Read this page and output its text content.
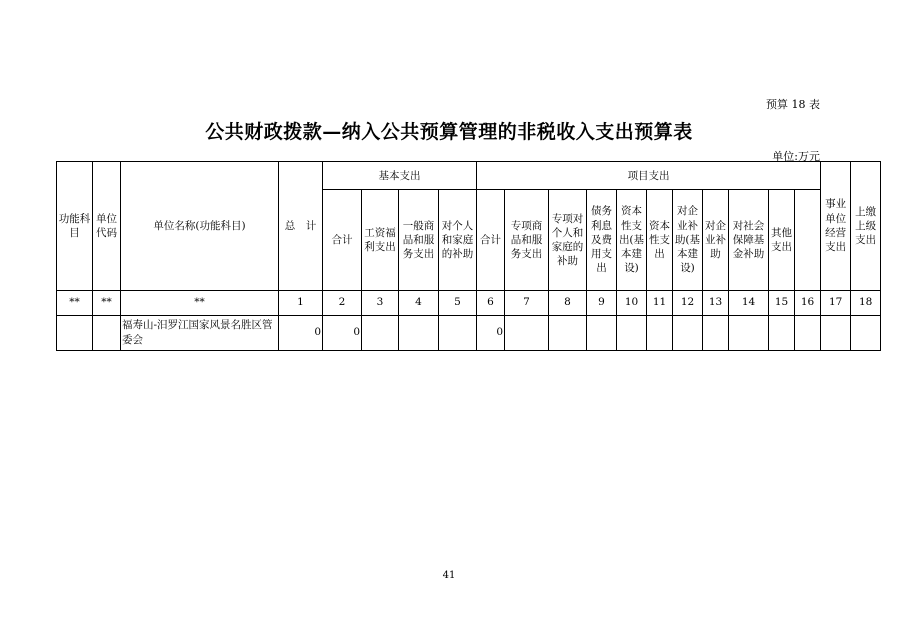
预算 18 表
公共财政拨款—纳入公共预算管理的非税收入支出预算表
单位:万元
功能科目	单位代码	单位名称(功能科目)	总　计	基本支出				项目支出											事业单位经营支出	上缴上级支出	
				合计	工资福利支出	一般商品和服务支出	对个人和家庭的补助	合计	专项商品和服务支出	专项对个人和家庭的补助	债务利息及费用支出	资本性支出(基本建设)	资本性支出	对企业补助(基本建设)	对企业补助	对社会保障基金补助	其他支出				
**	**	**	1	2	3	4	5	6	7	8	9	10	11	12	13	14	15	16	17	18	
		福寿山-汨罗江国家风景名胜区管委会	0	0				0													
41
